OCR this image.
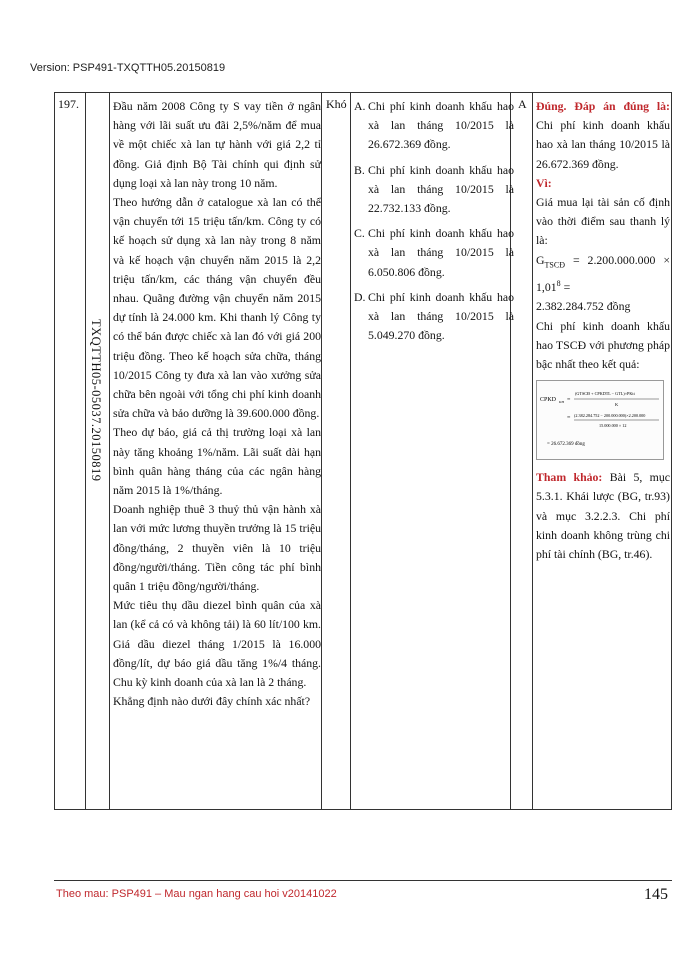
Version: PSP491-TXQTTH05.20150819
197.
TXQTTH05-05037.20150819

Đầu năm 2008 Công ty S vay tiền ở ngân hàng với lãi suất ưu đãi 2,5%/năm để mua về một chiếc xà lan tự hành với giá 2,2 tỉ đồng. Giả định Bộ Tài chính qui định sử dụng loại xà lan này trong 10 năm.

Theo hướng dẫn ở catalogue xà lan có thể vận chuyển tới 15 triệu tấn/km. Công ty có kế hoạch sử dụng xà lan này trong 8 năm và kế hoạch vận chuyển năm 2015 là 2,2 triệu tấn/km, các tháng vận chuyển đều nhau. Quãng đường vận chuyển năm 2015 dự tính là 24.000 km. Khi thanh lý Công ty có thể bán được chiếc xà lan đó với giá 200 triệu đồng. Theo kế hoạch sửa chữa, tháng 10/2015 Công ty đưa xà lan vào xưởng sửa chữa bên ngoài với tổng chi phí kinh doanh sửa chữa và bảo dưỡng là 39.600.000 đồng.

Theo dự báo, giá cả thị trường loại xà lan này tăng khoảng 1%/năm. Lãi suất dài hạn bình quân hàng tháng của các ngân hàng năm 2015 là 1%/tháng.

Doanh nghiệp thuê 3 thuỷ thủ vận hành xà lan với mức lương thuyền trưởng là 15 triệu đồng/tháng, 2 thuyền viên là 10 triệu đồng/người/tháng. Tiền công tác phí bình quân 1 triệu đồng/người/tháng.

Mức tiêu thụ dầu diezel bình quân của xà lan (kể cả có và không tải) là 60 lít/100 km. Giá dầu diezel tháng 1/2015 là 16.000 đồng/lít, dự báo giá dầu tăng 1%/4 tháng. Chu kỳ kinh doanh của xà lan là 2 tháng.

Khẳng định nào dưới đây chính xác nhất?

Khó A. Chi phí kinh doanh khấu hao xà lan tháng 10/2015 là 26.672.369 đồng.
B. Chi phí kinh doanh khấu hao xà lan tháng 10/2015 là 22.732.133 đồng.
C. Chi phí kinh doanh khấu hao xà lan tháng 10/2015 là 6.050.806 đồng.
D. Chi phí kinh doanh khấu hao xà lan tháng 10/2015 là 5.049.270 đồng.
A Đúng. Đáp án đúng là: Chi phí kinh doanh khấu hao xà lan tháng 10/2015 là 26.672.369 đồng.

Vì:

Giá mua lại tài sản cố định vào thời điểm sau thanh lý là:

$G_{TSCĐ} = 2.200.000.000 \times 1,01^8$ =

2.382.284.752 đồng

Chi phí kinh doanh khấu hao TSCĐ với phương pháp bậc nhất theo kết quả:

CPKD KH =
(GTSCĐ + CPKDTL − GTL)×PKtt
K
= (2.382.284.752 − 200.000.000)×2.200.000
15.000.000 × 12
= 26.672.369 đồng

Tham khảo: Bài 5, mục 5.3.1. Khái lược (BG, tr.93) và mục 3.2.2.3. Chi phí kinh doanh không trùng chi phí tài chính (BG, tr.46).

Theo mau: PSP491 – Mau ngan hang cau hoi v20141022	145
